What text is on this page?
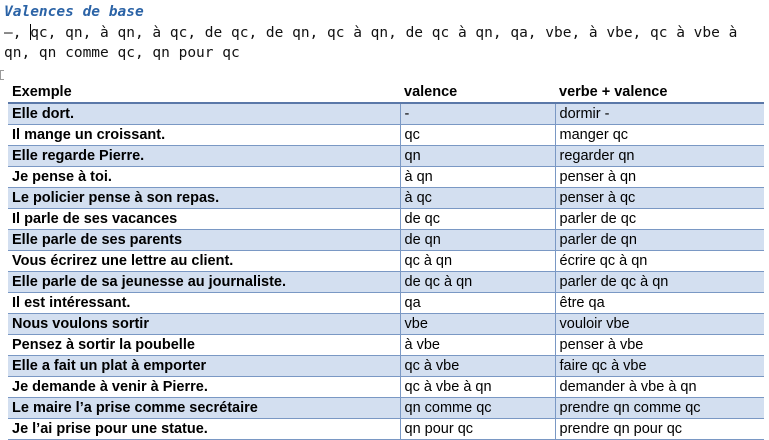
Valences de base
–, qc, qn, à qn, à qc, de qc, de qn, qc à qn, de qc à qn, qa, vbe, à vbe, qc à vbe à qn, qn comme qc, qn pour qc
Exemple	valence	verbe + valence
Elle dort.	-	dormir -
Il mange un croissant.	qc	manger qc
Elle regarde Pierre.	qn	regarder qn
Je pense à toi.	à qn	penser à qn
Le policier pense à son repas.	à qc	penser à qc
Il parle de ses vacances	de qc	parler de qc
Elle parle de ses parents	de qn	parler de qn
Vous écrirez une lettre au client.	qc à qn	écrire qc à qn
Elle parle de sa jeunesse au journaliste.	de qc à qn	parler de qc à qn
Il est intéressant.	qa	être qa
Nous voulons sortir	vbe	vouloir vbe
Pensez à sortir la poubelle	à vbe	penser à vbe
Elle a fait un plat à emporter	qc à vbe	faire qc à vbe
Je demande à venir à Pierre.	qc à vbe à qn	demander à vbe à qn
Le maire l’a prise comme secrétaire	qn comme qc	prendre qn comme qc
Je l’ai prise pour une statue.	qn pour qc	prendre qn pour qc
